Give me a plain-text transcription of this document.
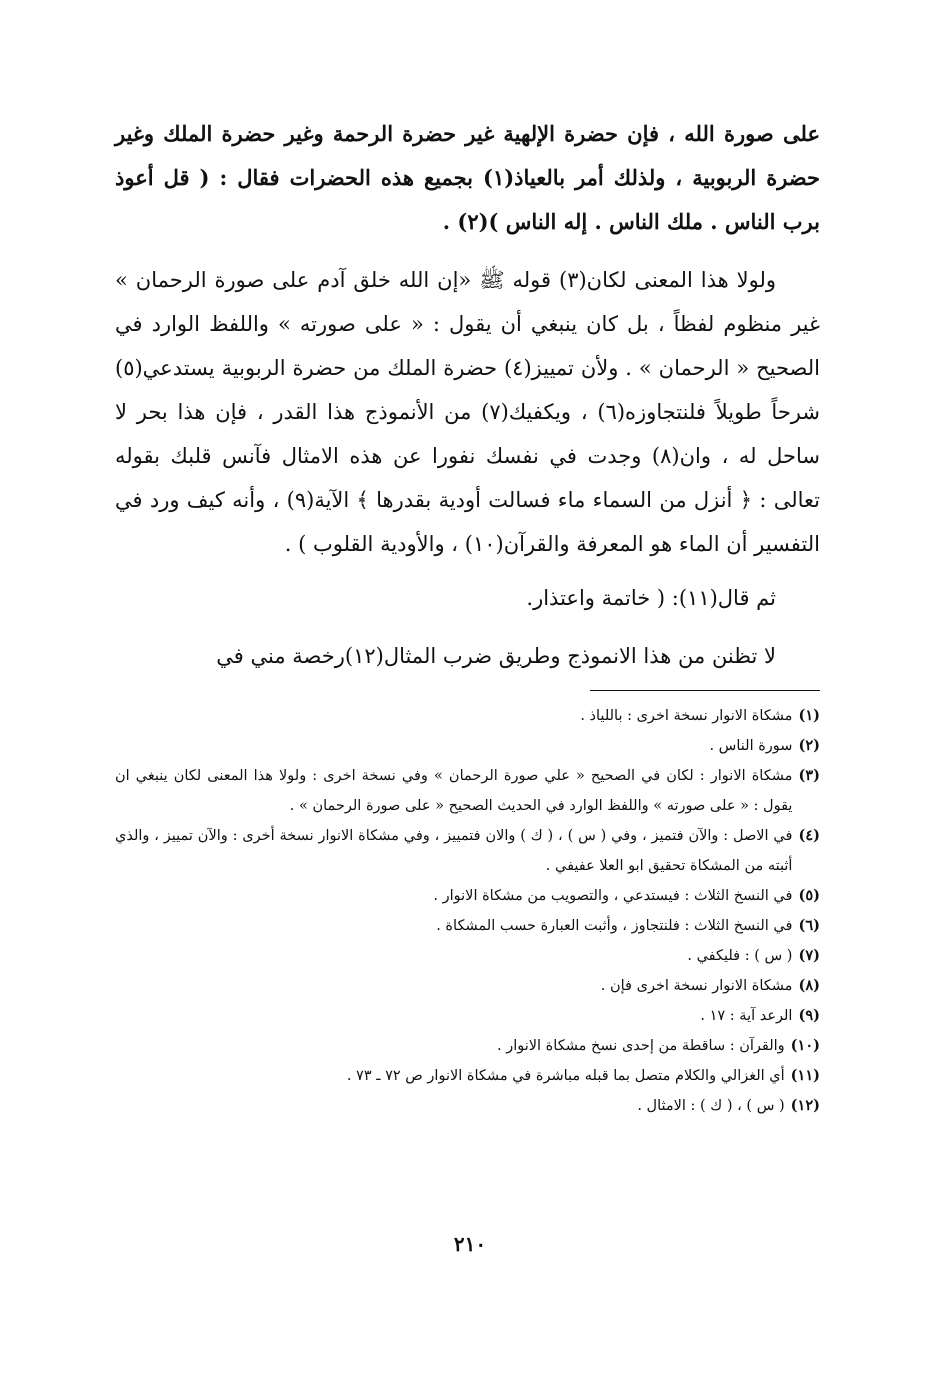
على صورة الله ، فإن حضرة الإلهية غير حضرة الرحمة وغير حضرة الملك وغير حضرة الربوبية ، ولذلك أمر بالعياذ(١) بجميع هذه الحضرات فقال : ( قل أعوذ برب الناس . ملك الناس . إله الناس )(٢) .

ولولا هذا المعنى لكان(٣) قوله ﷺ «إن الله خلق آدم على صورة الرحمان » غير منظوم لفظاً ، بل كان ينبغي أن يقول : « على صورته » واللفظ الوارد في الصحيح « الرحمان » . ولأن تمييز(٤) حضرة الملك من حضرة الربوبية يستدعي(٥) شرحاً طويلاً فلنتجاوزه(٦) ، ويكفيك(٧) من الأنموذج هذا القدر ، فإن هذا بحر لا ساحل له ، وان(٨) وجدت في نفسك نفورا عن هذه الامثال فآنس قلبك بقوله تعالى : ﴿ أنزل من السماء ماء فسالت أودية بقدرها ﴾ الآية(٩) ، وأنه كيف ورد في التفسير أن الماء هو المعرفة والقرآن(١٠) ، والأودية القلوب ) .

ثم قال(١١): ( خاتمة واعتذار.

لا تظنن من هذا الانموذج وطريق ضرب المثال(١٢)رخصة مني في

(١)
مشكاة الانوار نسخة اخرى : باللياذ .
(٢)
سورة الناس .
(٣)
مشكاة الانوار : لكان في الصحيح « علي صورة الرحمان » وفي نسخة اخرى : ولولا هذا المعنى لكان ينبغي ان يقول : « على صورته » واللفظ الوارد في الحديث الصحيح « على صورة الرحمان » .
(٤)
في الاصل : والآن فتميز ، وفي ( س ) ، ( ك ) والان فتمييز ، وفي مشكاة الانوار نسخة أخرى : والآن تمييز ، والذي أثبته من المشكاة تحقيق ابو العلا عفيفي .
(٥)
في النسخ الثلاث : فيستدعي ، والتصويب من مشكاة الانوار .
(٦)
في النسخ الثلاث : فلنتجاوز ، وأثبت العبارة حسب المشكاة .
(٧)
( س ) : فليكفي .
(٨)
مشكاة الانوار نسخة اخرى فإن .
(٩)
الرعد آية : ١٧ .
(١٠)
والقرآن : ساقطة من إحدى نسخ مشكاة الانوار .
(١١)
أي الغزالي والكلام متصل بما قبله مباشرة في مشكاة الانوار ص ٧٢ ـ ٧٣ .
(١٢)
( س ) ، ( ك ) : الامثال .
٢١٠
